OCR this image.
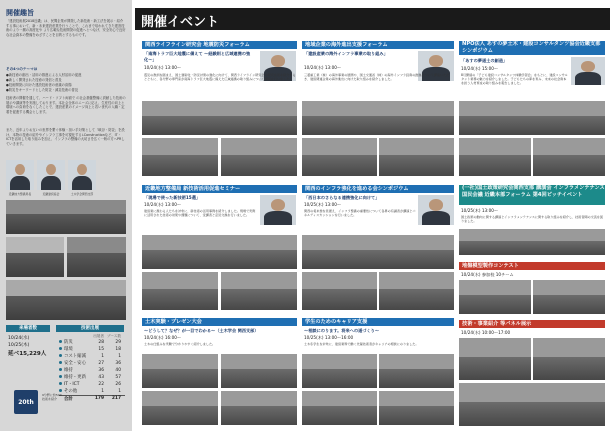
開催趣旨
「建設技術展2018近畿」は、民間企業が開発した新技術・新工法を展示・紹介する事において、新・未来建設産業を行うことで、これまで培われてきた建設技術のより一層の高度化や より広範な技術開発の促進へとつなげ、安全安心で良好な社会資本の整備をめざすことを目的とするものです。
その4つのテーマは
●新技術の創出・活用の推進による人材活用の促進
●新しく開発された技術の発信と普及
●技術開発に向けた建設技術者の意識の高揚
●防災をキーワードとした防災・減災技術の普及
技術者の開催を通して、ハード・ソフト両面で の社会基盤整備に貢献した技術の展示や講演等を実施しております。本社会全体のニーズに応え、生産性の向上と環境への負荷をなくしたことで、建設産業のイメージ向上と若い世代の入職・定着を促進する機会とします。
また、近年よりお互いの世界を繋ぐ体験・担い手対策として「峡谷・防災」を設け、本物の技術の紹介やインフラ工事を可視化するi-Constructionなど、IT・ICTを活用した取り組みを加え、インフラの整備の大切さを広く一般の方へPRしていきます。
近畿地方整備局長	近畿建設協会	土木学会関西支部
来場者数
10/24(水)
10/25(木)
延べ15,229人
技術出展
出展者 ブース数
防災	28	29
環境	15	18
コスト縮減	1	1
安全・安心	27	36
維持	36	40
維持・更新	43	57
IT・ICT	22	26
その他	1	1
合計	179	217
20th
9分野に約500技術を紹介
開催イベント
関西ライフライン研究会 地震防災フォーラム
「南海トラフ巨大地震に備えて ～経験則と広域連携の強化～」
10/24(水) 13:00～
震災の教訓を踏まえ、国土強靭化・防災対策の強化に向けて、関西ライフライン研究会の研究成果を紹介するとともに、各分野の専門家が南海トラフ巨大地震に備えた広域連携の取り組みについて講演を行いました。
地域企業の海外進出支援フォーラム
「建設産業の海外インフラ事業の取り組み」
10/24(水) 13:00～
三菱重工業（株）の海外事業の展開や、国土交通省（株）の海外インフラ投資の推進について講演いただき、建設関連企業の海外進出に向けた取り組みを紹介しました。
NPO法人 あすの夢土木・建設コンサルタンツ協会近畿支部 シンポジウム
「あすの夢道土の創造」
10/24(水) 15:00～
8月開催の「子ども建設コンサルタンツ体験学習会」をもとに、建設コンサルタント業務の魅力を紹介しました。子どもたちの夢を育み、未来の社会資本を担う人材育成の取り組みを報告しました。
近畿地方整備局 新技術活用促進セミナー
「現場で使った新技術15選」
10/24(水) 13:00～
建設業に携わる人たちを対象に、新技術の活用事例を紹介しました。現場で実際に活用された技術の効果や課題について、受講者と意見交換を行いました。
関西のインフラ強化を進める会シンポジウム
「西日本のさらなる連携強化に向けて」
10/25(木) 13:00～
関西の将来像を見据え、インフラ整備の重要性について各界の有識者が講演とパネルディスカッションを行いました。
(一社)国土政策研究会関西支部 講演会 インフラメンテナンス国民会議 近畿本部フォーラム 第4回ピッチイベント
10/25(木) 13:00～
国土政策の動向に関する講演とインフラメンテナンスに関する取り組みを紹介し、技術者間の交流を図りました。
地盤模型製作コンテスト
10/24(水) 参加校 10チーム
土木実験・プレゼン大会
～どうして？なぜ？が一目でわかる～（土木学会 関西支部）
10/24(水) 16:00～
土木の仕組みを実験で分かりやすく紹介しました。
学生のためのキャリア支援
～相談にのります。将来への道づくり～
10/25(木) 13:00～16:00
土木系学生を対象に、建設業界で働く先輩技術者がキャリアの相談にのりました。
技術・事業紹介 等パネル展示
10/24(水) 10:00～17:00
